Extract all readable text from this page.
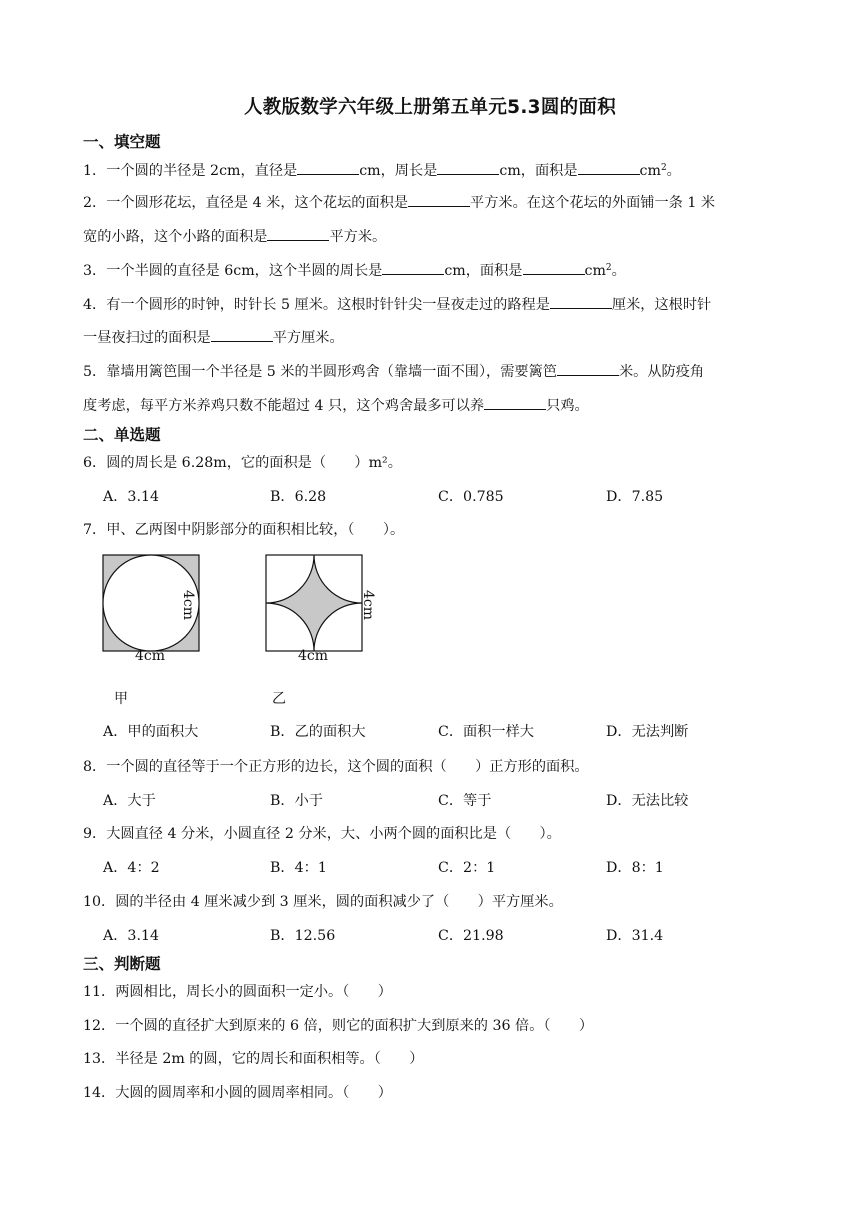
人教版数学六年级上册第五单元5.3圆的面积
一、填空题
1．一个圆的半径是 2cm，直径是	cm，周长是	cm，面积是	$cm^2$。
2．一个圆形花坛，直径是 4 米，这个花坛的面积是	平方米。在这个花坛的外面铺一条 1 米
宽的小路，这个小路的面积是	平方米。
3．一个半圆的直径是 6cm，这个半圆的周长是	cm，面积是	$cm^2$。
4．有一个圆形的时钟，时针长 5 厘米。这根时针针尖一昼夜走过的路程是	厘米，这根时针
一昼夜扫过的面积是	平方厘米。
5．靠墙用篱笆围一个半径是 5 米的半圆形鸡舍（靠墙一面不围），需要篱笆	米。从防疫角
度考虑，每平方米养鸡只数不能超过 4 只，这个鸡舍最多可以养	只鸡。
二、单选题
6．圆的周长是 6.28m，它的面积是（　　）m²。
A．3.14	B．6.28	C．0.785	D．7.85
7．甲、乙两图中阴影部分的面积相比较，（　　）。
4cm
4cm
甲
4cm
4cm
乙
A．甲的面积大	B．乙的面积大	C．面积一样大	D．无法判断
8．一个圆的直径等于一个正方形的边长，这个圆的面积（　　）正方形的面积。
A．大于	B．小于	C．等于	D．无法比较
9．大圆直径 4 分米，小圆直径 2 分米，大、小两个圆的面积比是（　　）。
A．4：2	B．4：1	C．2：1	D．8：1
10．圆的半径由 4 厘米减少到 3 厘米，圆的面积减少了（　　）平方厘米。
A．3.14	B．12.56	C．21.98	D．31.4
三、判断题
11．两圆相比，周长小的圆面积一定小。（　　）
12．一个圆的直径扩大到原来的 6 倍，则它的面积扩大到原来的 36 倍。（　　）
13．半径是 2m 的圆，它的周长和面积相等。（　　）
14．大圆的圆周率和小圆的圆周率相同。（　　）
